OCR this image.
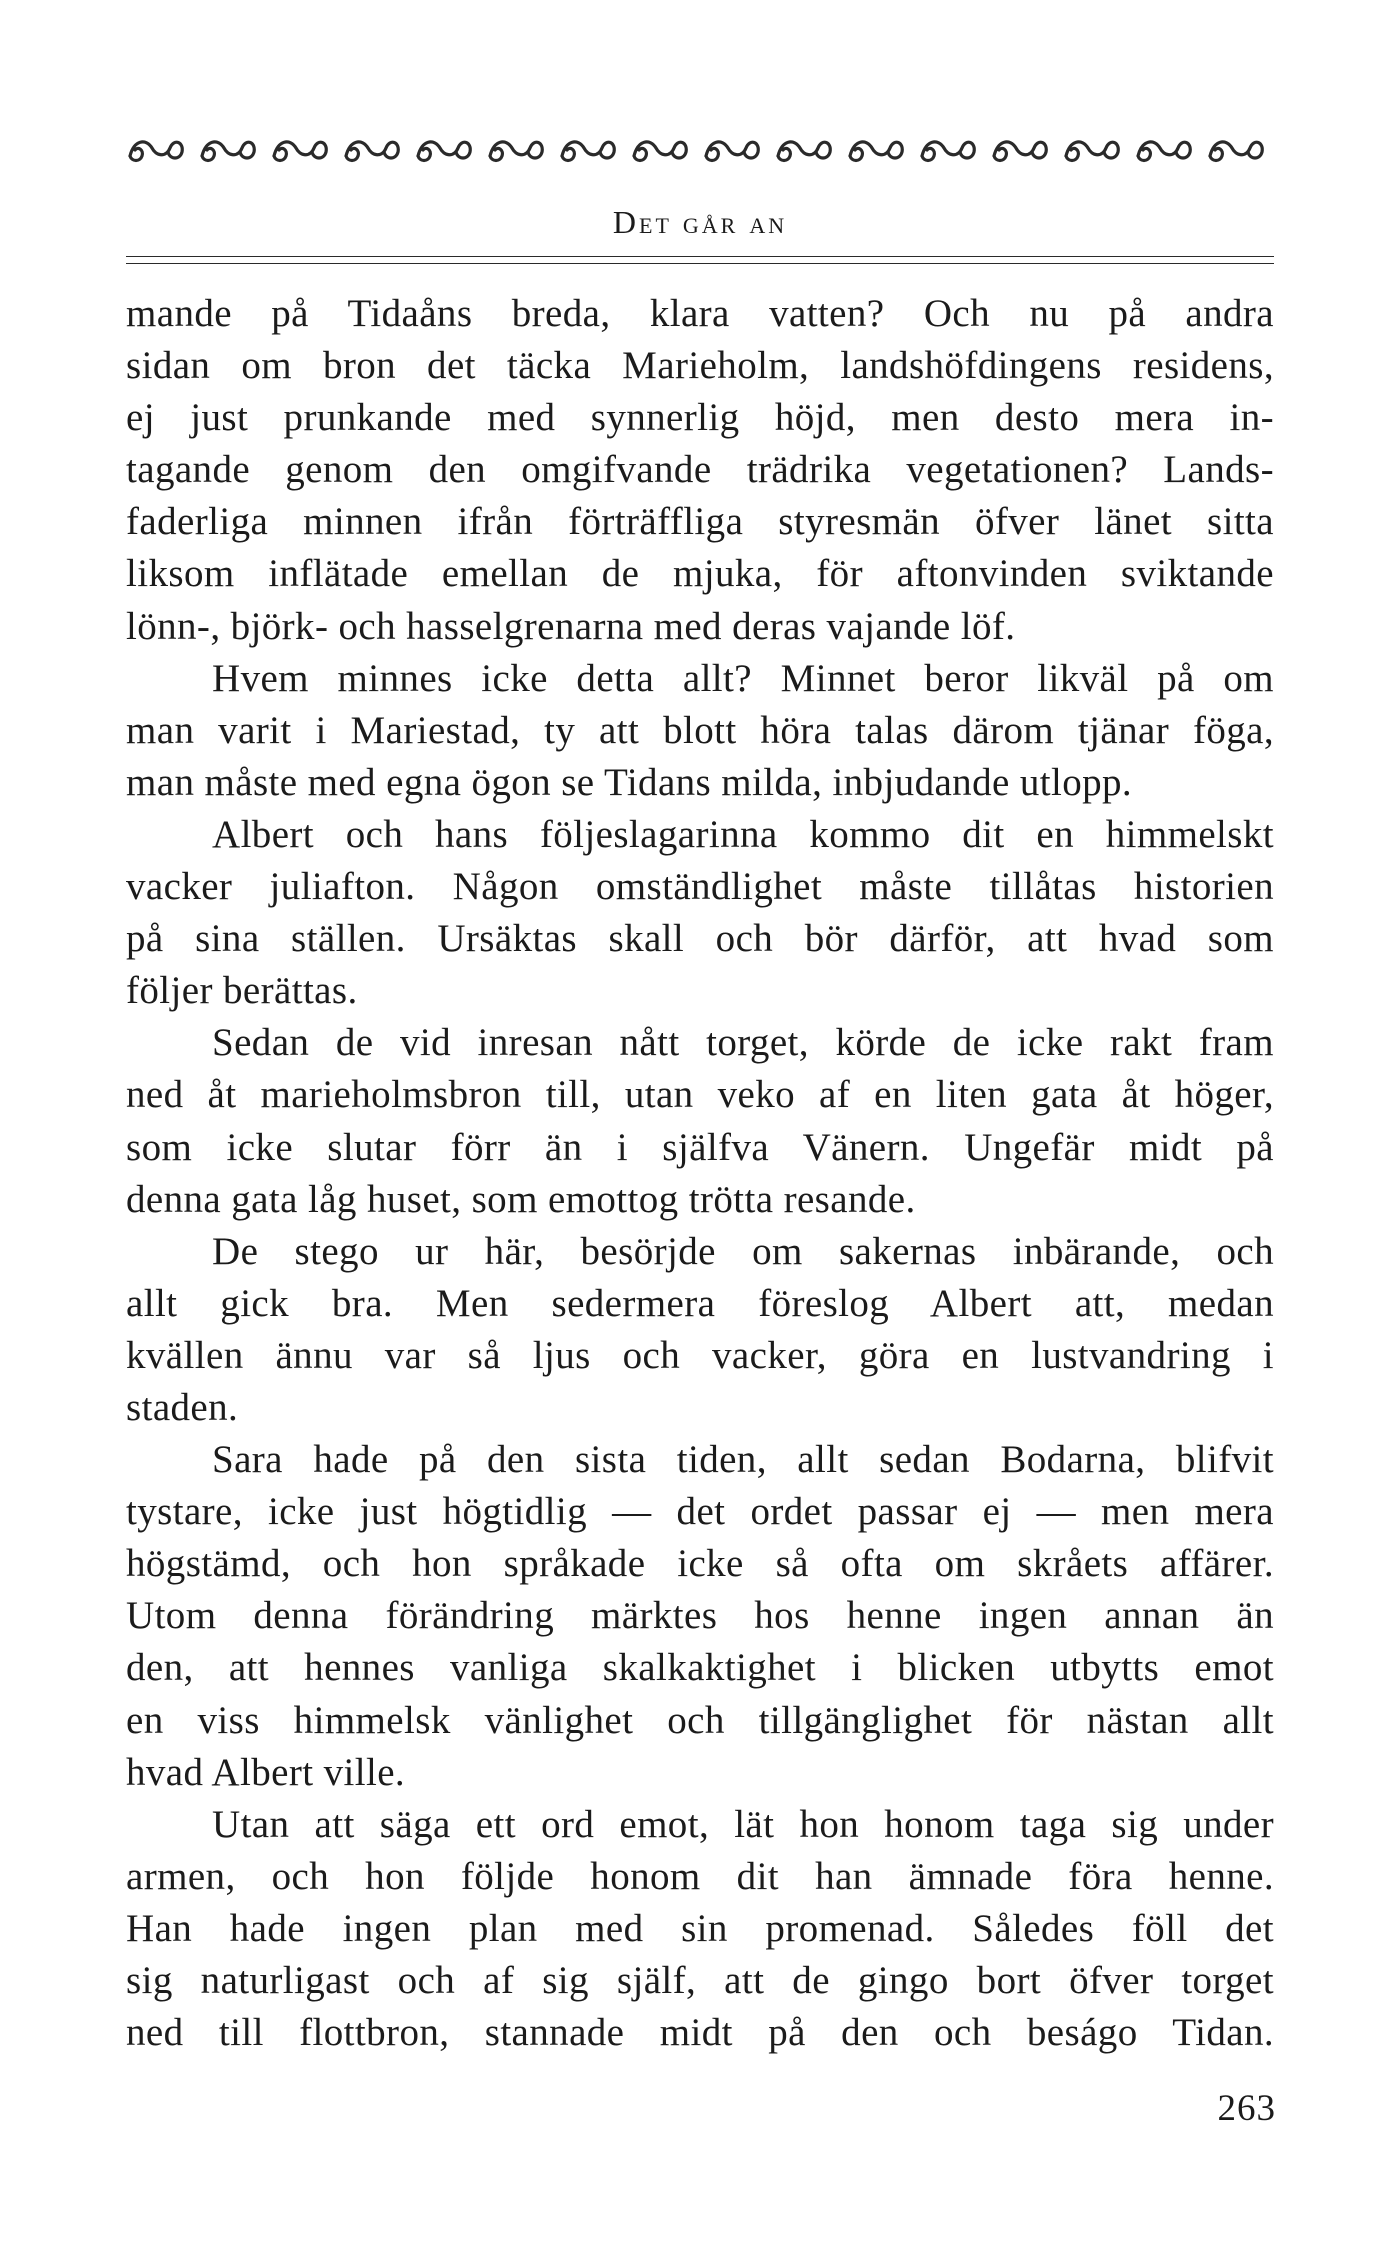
Det går an
mande på Tidaåns breda, klara vatten? Och nu på andra
sidan om bron det täcka Marieholm, landshöfdingens residens,
ej just prunkande med synnerlig höjd, men desto mera in-
tagande genom den omgifvande trädrika vegetationen? Lands-
faderliga minnen ifrån förträffliga styresmän öfver länet sitta
liksom inflätade emellan de mjuka, för aftonvinden sviktande
lönn-, björk- och hasselgrenarna med deras vajande löf.
Hvem minnes icke detta allt? Minnet beror likväl på om
man varit i Mariestad, ty att blott höra talas därom tjänar föga,
man måste med egna ögon se Tidans milda, inbjudande utlopp.
Albert och hans följeslagarinna kommo dit en himmelskt
vacker juliafton. Någon omständlighet måste tillåtas historien
på sina ställen. Ursäktas skall och bör därför, att hvad som
följer berättas.
Sedan de vid inresan nått torget, körde de icke rakt fram
ned åt marieholmsbron till, utan veko af en liten gata åt höger,
som icke slutar förr än i själfva Vänern. Ungefär midt på
denna gata låg huset, som emottog trötta resande.
De stego ur här, besörjde om sakernas inbärande, och
allt gick bra. Men sedermera föreslog Albert att, medan
kvällen ännu var så ljus och vacker, göra en lustvandring i
staden.
Sara hade på den sista tiden, allt sedan Bodarna, blifvit
tystare, icke just högtidlig — det ordet passar ej — men mera
högstämd, och hon språkade icke så ofta om skråets affärer.
Utom denna förändring märktes hos henne ingen annan än
den, att hennes vanliga skalkaktighet i blicken utbytts emot
en viss himmelsk vänlighet och tillgänglighet för nästan allt
hvad Albert ville.
Utan att säga ett ord emot, lät hon honom taga sig under
armen, och hon följde honom dit han ämnade föra henne.
Han hade ingen plan med sin promenad. Således föll det
sig naturligast och af sig själf, att de gingo bort öfver torget
ned till flottbron, stannade midt på den och beságo Tidan.
263
